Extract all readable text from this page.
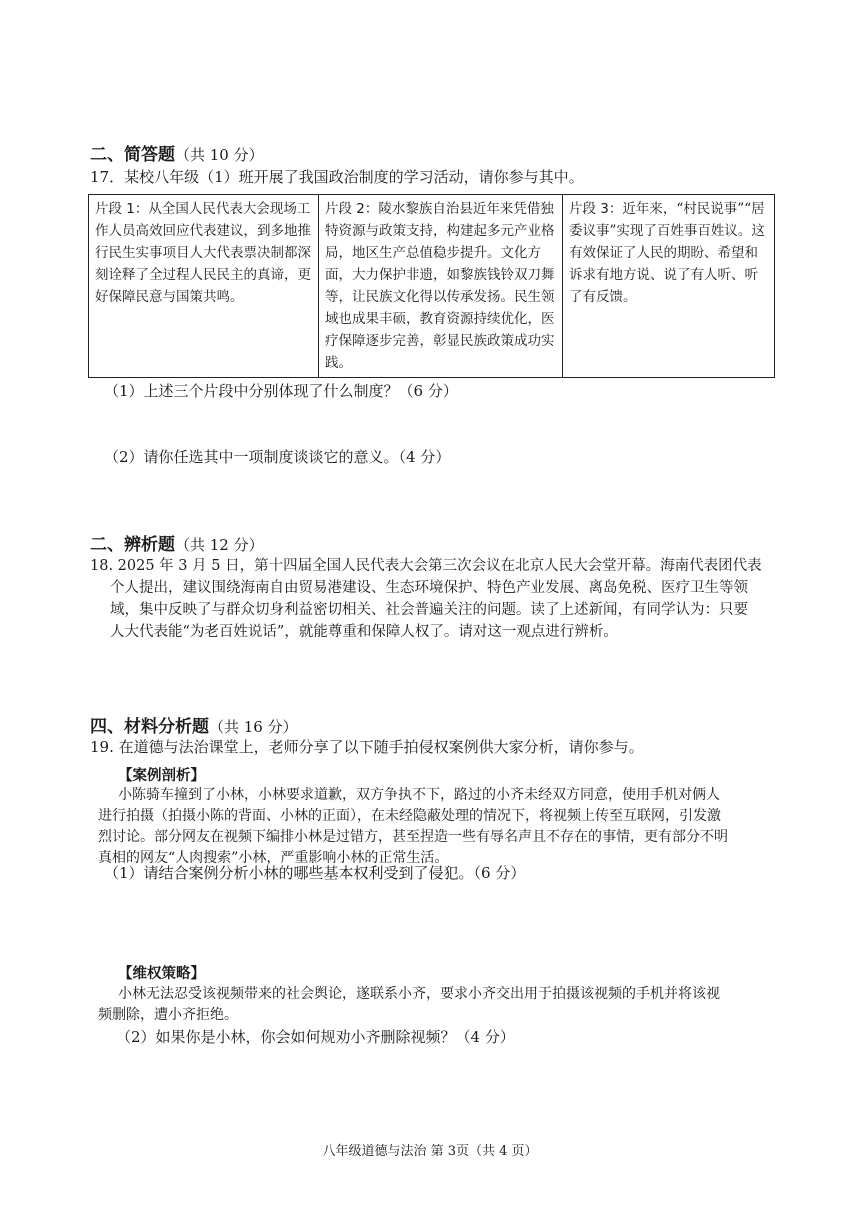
二、简答题（共 10 分）
17．某校八年级（1）班开展了我国政治制度的学习活动，请你参与其中。
片段 1：从全国人民代表大会现场工作人员高效回应代表建议，到多地推行民生实事项目人大代表票决制都深刻诠释了全过程人民民主的真谛，更好保障民意与国策共鸣。	片段 2：陵水黎族自治县近年来凭借独特资源与政策支持，构建起多元产业格局，地区生产总值稳步提升。文化方面，大力保护非遗，如黎族钱铃双刀舞等，让民族文化得以传承发扬。民生领域也成果丰硕，教育资源持续优化，医疗保障逐步完善，彰显民族政策成功实践。	片段 3：近年来，“村民说事”“居委议事”实现了百姓事百姓议。这有效保证了人民的期盼、希望和诉求有地方说、说了有人听、听了有反馈。
（1）上述三个片段中分别体现了什么制度？（6 分）
（2）请你任选其中一项制度谈谈它的意义。（4 分）
二、辨析题（共 12 分）
18. 2025 年 3 月 5 日，第十四届全国人民代表大会第三次会议在北京人民大会堂开幕。海南代表团代表
个人提出，建议围绕海南自由贸易港建设、生态环境保护、特色产业发展、离岛免税、医疗卫生等领
域，集中反映了与群众切身利益密切相关、社会普遍关注的问题。读了上述新闻，有同学认为：只要
人大代表能“为老百姓说话”，就能尊重和保障人权了。请对这一观点进行辨析。
四、材料分析题（共 16 分）
19. 在道德与法治课堂上，老师分享了以下随手拍侵权案例供大家分析，请你参与。
【案例剖析】
小陈骑车撞到了小林，小林要求道歉，双方争执不下，路过的小齐未经双方同意，使用手机对俩人
进行拍摄（拍摄小陈的背面、小林的正面），在未经隐蔽处理的情况下，将视频上传至互联网，引发激
烈讨论。部分网友在视频下编排小林是过错方，甚至捏造一些有辱名声且不存在的事情，更有部分不明
真相的网友“人肉搜索”小林，严重影响小林的正常生活。
（1）请结合案例分析小林的哪些基本权利受到了侵犯。（6 分）
【维权策略】
小林无法忍受该视频带来的社会舆论，遂联系小齐，要求小齐交出用于拍摄该视频的手机并将该视
频删除，遭小齐拒绝。
（2）如果你是小林，你会如何规劝小齐删除视频？（4 分）
八年级道德与法治 第 3页（共 4 页）
